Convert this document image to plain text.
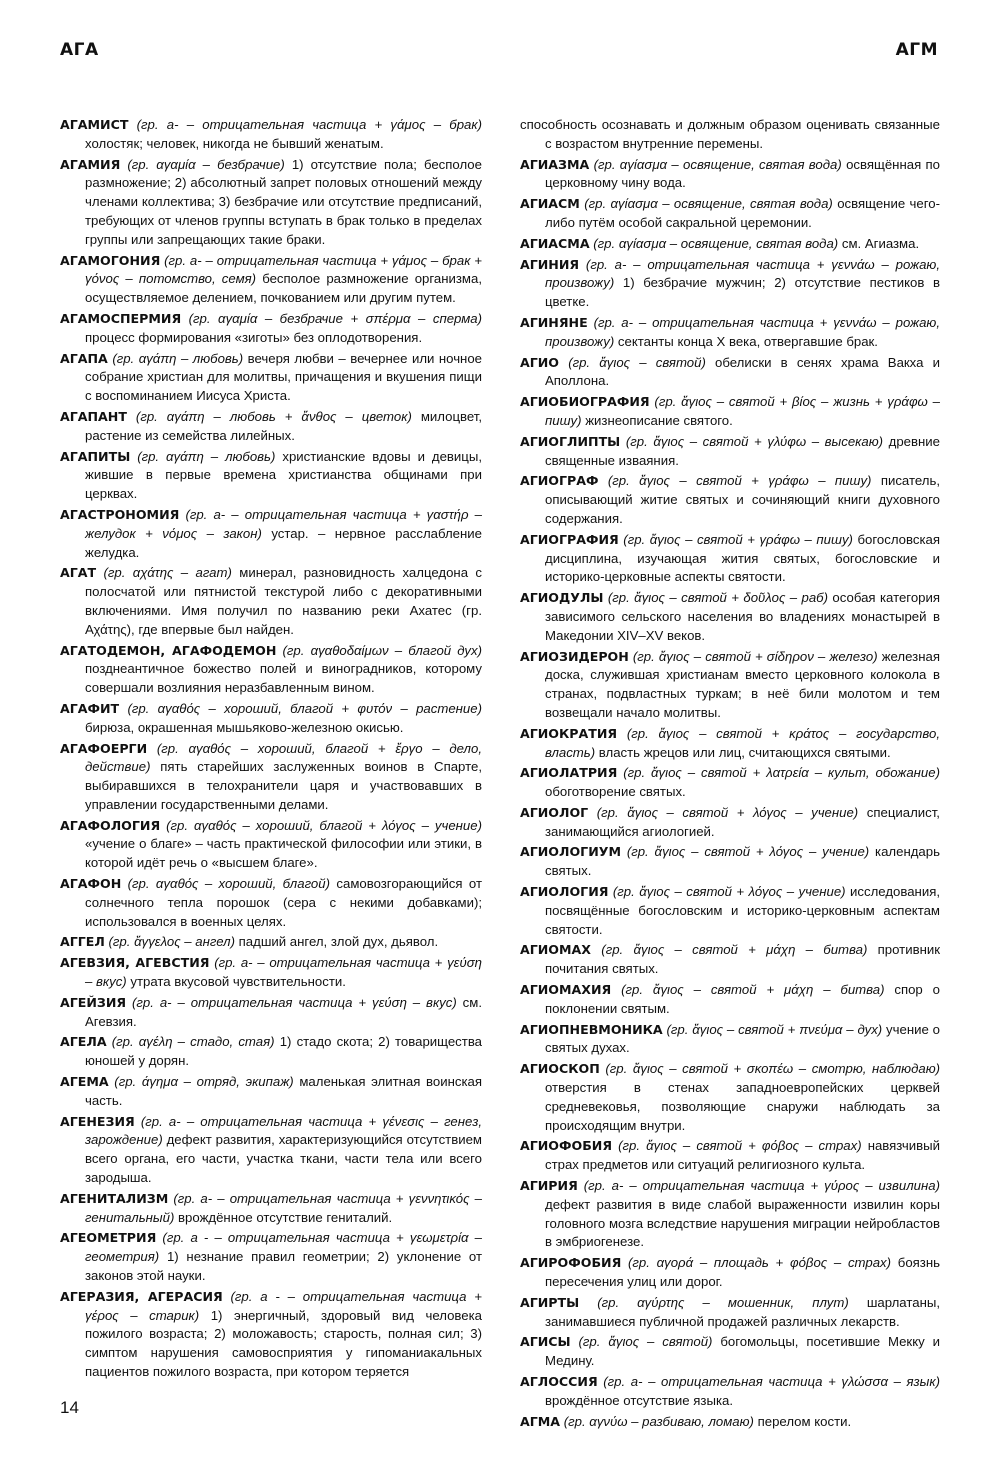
АГА	АГМ

АГАМИСТ (гр. а- – отрицательная частица + γάμος – брак) холостяк; человек, никогда не бывший женатым.

АГАМИЯ (гр. αγαμία – безбрачие) 1) отсутствие пола; бесполое размножение; 2) абсолютный запрет половых отношений между членами коллектива; 3) безбрачие или отсутствие предписаний, требующих от членов группы вступать в брак только в пределах группы или запрещающих такие браки.

АГАМОГОНИЯ (гр. а- – отрицательная частица + γάμος – брак + γόνος – потомство, семя) бесполое размножение организма, осуществляемое делением, почкованием или другим путем.

АГАМОСПЕРМИЯ (гр. αγαμία – безбрачие + σπέρμα – сперма) процесс формирования «зиготы» без оплодотворения.

АГАПА (гр. αγάπη – любовь) вечеря любви – вечернее или ночное собрание христиан для молитвы, причащения и вкушения пищи с воспоминанием Иисуса Христа.

АГАПАНТ (гр. αγάπη – любовь + ἄνθος – цветок) милоцвет, растение из семейства лилейных.

АГАПИТЫ (гр. αγάπη – любовь) христианские вдовы и девицы, жившие в первые времена христианства общинами при церквах.

АГАСТРОНОМИЯ (гр. а- – отрицательная частица + γαστήρ – желудок + νόμος – закон) устар. – нервное расслабление желудка.

АГАТ (гр. αχάτης – агат) минерал, разновидность халцедона с полосчатой или пятнистой текстурой либо с декоративными включениями. Имя получил по названию реки Ахатес (гр. Αχάτης), где впервые был найден.

АГАТОДЕМОН, АГАФОДЕМОН (гр. αγαθοδαίμων – благой дух) позднеантичное божество полей и виноградников, которому совершали возлияния неразбавленным вином.

АГАФИТ (гр. αγαθός – хороший, благой + φυτόν – растение) бирюза, окрашенная мышьяково-железною окисью.

АГАФОЕРГИ (гр. αγαθός – хороший, благой + ἔργο – дело, действие) пять старейших заслуженных воинов в Спарте, выбиравшихся в телохранители царя и участвовавших в управлении государственными делами.

АГАФОЛОГИЯ (гр. αγαθός – хороший, благой + λόγος – учение) «учение о благе» – часть практической философии или этики, в которой идёт речь о «высшем благе».

АГАФОН (гр. αγαθός – хороший, благой) самовозгорающийся от солнечного тепла порошок (сера с некими добавками); использовался в военных целях.

АГГЕЛ (гр. ἄγγελος – ангел) падший ангел, злой дух, дьявол.

АГЕВЗИЯ, АГЕВСТИЯ (гр. а- – отрицательная частица + γεύση – вкус) утрата вкусовой чувствительности.

АГЕЙЗИЯ (гр. а- – отрицательная частица + γεύση – вкус) см. Агевзия.

АГЕЛА (гр. αγέλη – стадо, стая) 1) стадо скота; 2) товарищества юношей у дорян.

АГЕМА (гр. άγημα – отряд, экипаж) маленькая элитная воинская часть.

АГЕНЕЗИЯ (гр. а- – отрицательная частица + γένεσις – генез, зарождение) дефект развития, характеризующийся отсутствием всего органа, его части, участка ткани, части тела или всего зародыша.

АГЕНИТАЛИЗМ (гр. а- – отрицательная частица + γεννητικός – генитальный) врождённое отсутствие гениталий.

АГЕОМЕТРИЯ (гр. а - – отрицательная частица + γεωμετρία – геометрия) 1) незнание правил геометрии; 2) уклонение от законов этой науки.

АГЕРАЗИЯ, АГЕРАСИЯ (гр. а - – отрицательная частица + γέρος – старик) 1) энергичный, здоровый вид человека пожилого возраста; 2) моложавость; старость, полная сил; 3) симптом нарушения самовосприятия у гипоманиакальных пациентов пожилого возраста, при котором теряется

способность осознавать и должным образом оценивать связанные с возрастом внутренние перемены.

АГИАЗМА (гр. αγίασμα – освящение, святая вода) освящённая по церковному чину вода.

АГИАСМ (гр. αγίασμα – освящение, святая вода) освящение чего-либо путём особой сакральной церемонии.

АГИАСМА (гр. αγίασμα – освящение, святая вода) см. Агиазма.

АГИНИЯ (гр. а- – отрицательная частица + γεννάω – рожаю, произвожу) 1) безбрачие мужчин; 2) отсутствие пестиков в цветке.

АГИНЯНЕ (гр. а- – отрицательная частица + γεννάω – рожаю, произвожу) сектанты конца X века, отвергавшие брак.

АГИО (гр. ἄγιος – святой) обелиски в сенях храма Вакха и Аполлона.

АГИОБИОГРАФИЯ (гр. ἄγιος – святой + βίος – жизнь + γράφω – пишу) жизнеописание святого.

АГИОГЛИПТЫ (гр. ἄγιος – святой + γλύφω – высекаю) древние священные изваяния.

АГИОГРАФ (гр. ἄγιος – святой + γράφω – пишу) писатель, описывающий житие святых и сочиняющий книги духовного содержания.

АГИОГРАФИЯ (гр. ἄγιος – святой + γράφω – пишу) богословская дисциплина, изучающая жития святых, богословские и историко-церковные аспекты святости.

АГИОДУЛЫ (гр. ἄγιος – святой + δοῦλος – раб) особая категория зависимого сельского населения во владениях монастырей в Македонии XIV–XV веков.

АГИОЗИДЕРОН (гр. ἄγιος – святой + σίδηρον – железо) железная доска, служившая христианам вместо церковного колокола в странах, подвластных туркам; в неё били молотом и тем возвещали начало молитвы.

АГИОКРАТИЯ (гр. ἄγιος – святой + κράτος – государство, власть) власть жрецов или лиц, считающихся святыми.

АГИОЛАТРИЯ (гр. ἄγιος – святой + λατρεία – культ, обожание) обоготворение святых.

АГИОЛОГ (гр. ἄγιος – святой + λόγος – учение) специалист, занимающийся агиологией.

АГИОЛОГИУМ (гр. ἄγιος – святой + λόγος – учение) календарь святых.

АГИОЛОГИЯ (гр. ἄγιος – святой + λόγος – учение) исследования, посвящённые богословским и историко-церковным аспектам святости.

АГИОМАХ (гр. ἄγιος – святой + μάχη – битва) противник почитания святых.

АГИОМАХИЯ (гр. ἄγιος – святой + μάχη – битва) спор о поклонении святым.

АГИОПНЕВМОНИКА (гр. ἄγιος – святой + πνεύμα – дух) учение о святых духах.

АГИОСКОП (гр. ἄγιος – святой + σκοπέω – смотрю, наблюдаю) отверстия в стенах западноевропейских церквей средневековья, позволяющие снаружи наблюдать за происходящим внутри.

АГИОФОБИЯ (гр. ἄγιος – святой + φόβος – страх) навязчивый страх предметов или ситуаций религиозного культа.

АГИРИЯ (гр. а- – отрицательная частица + γύρος – извилина) дефект развития в виде слабой выраженности извилин коры головного мозга вследствие нарушения миграции нейробластов в эмбриогенезе.

АГИРОФОБИЯ (гр. αγορά – площадь + φόβος – страх) боязнь пересечения улиц или дорог.

АГИРТЫ (гр. αγύρτης – мошенник, плут) шарлатаны, занимавшиеся публичной продажей различных лекарств.

АГИСЫ (гр. ἄγιος – святой) богомольцы, посетившие Мекку и Медину.

АГЛОССИЯ (гр. а- – отрицательная частица + γλώσσα – язык) врождённое отсутствие языка.

АГМА (гр. αγνύω – разбиваю, ломаю) перелом кости.

14
